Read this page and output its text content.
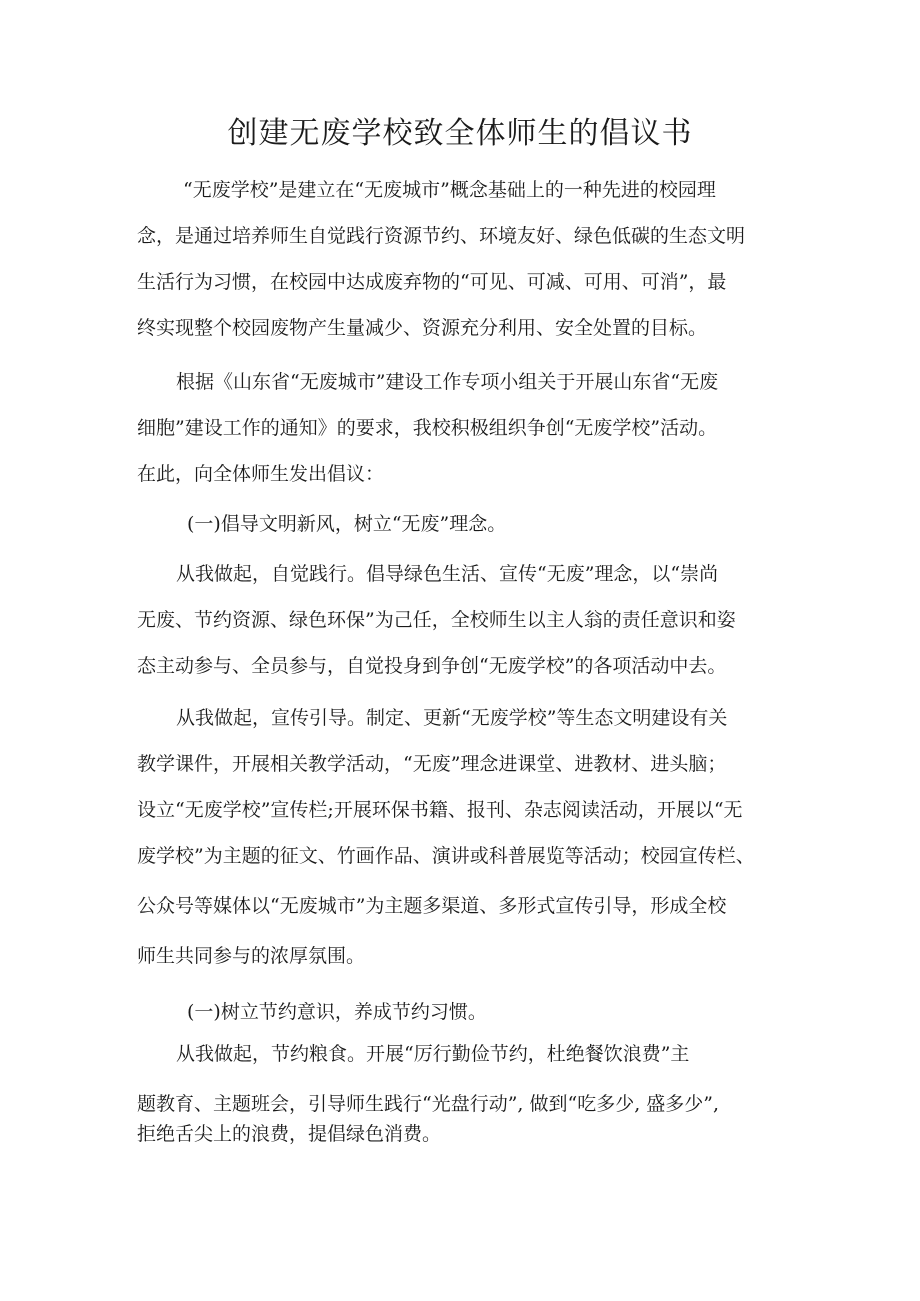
创建无废学校致全体师生的倡议书
“无废学校”是建立在“无废城市”概念基础上的一种先进的校园理
念，是通过培养师生自觉践行资源节约、环境友好、绿色低碳的生态文明
生活行为习惯，在校园中达成废弃物的“可见、可减、可用、可消”，最
终实现整个校园废物产生量减少、资源充分利用、安全处置的目标。
根据《山东省“无废城市”建设工作专项小组关于开展山东省“无废
细胞”建设工作的通知》的要求，我校积极组织争创“无废学校”活动。
在此，向全体师生发出倡议：
(一)倡导文明新风，树立“无废”理念。
从我做起，自觉践行。倡导绿色生活、宣传“无废”理念，以“崇尚
无废、节约资源、绿色环保”为己任，全校师生以主人翁的责任意识和姿
态主动参与、全员参与，自觉投身到争创“无废学校”的各项活动中去。
从我做起，宣传引导。制定、更新“无废学校”等生态文明建设有关
教学课件，开展相关教学活动，“无废”理念进课堂、进教材、进头脑；
设立“无废学校”宣传栏;开展环保书籍、报刊、杂志阅读活动，开展以“无
废学校”为主题的征文、竹画作品、演讲或科普展览等活动；校园宣传栏、
公众号等媒体以“无废城市”为主题多渠道、多形式宣传引导，形成全校
师生共同参与的浓厚氛围。
(一)树立节约意识，养成节约习惯。
从我做起，节约粮食。开展“厉行勤俭节约，杜绝餐饮浪费”主
题教育、主题班会，引导师生践行“光盘行动”, 做到“吃多少, 盛多少”,
拒绝舌尖上的浪费，提倡绿色消费。
